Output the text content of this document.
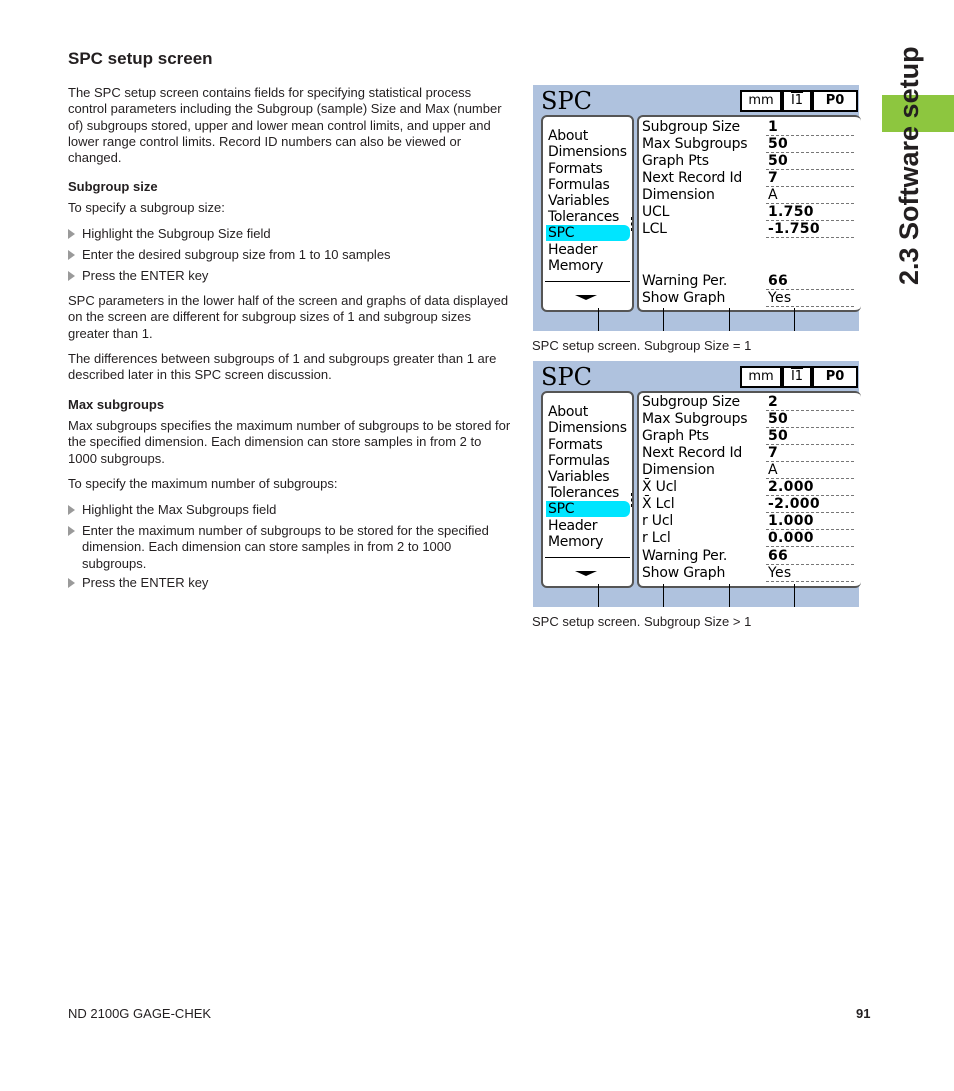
SPC setup screen

The SPC setup screen contains fields for specifying statistical process control parameters including the Subgroup (sample) Size and Max (number of) subgroups stored, upper and lower mean control limits, and upper and lower range control limits. Record ID numbers can also be viewed or changed.

Subgroup size

To specify a subgroup size:

Highlight the Subgroup Size field
Enter the desired subgroup size from 1 to 10 samples
Press the ENTER key

SPC parameters in the lower half of the screen and graphs of data displayed on the screen are different for subgroup sizes of 1 and subgroup sizes greater than 1.

The differences between subgroups of 1 and subgroups greater than 1 are described later in this SPC screen discussion.

Max subgroups

Max subgroups specifies the maximum number of subgroups to be stored for the specified dimension. Each dimension can store samples in from 2 to 1000 subgroups.

To specify the maximum number of subgroups:

Highlight the Max Subgroups field
Enter the maximum number of subgroups to be stored for the specified dimension. Each dimension can store samples in from 2 to 1000 subgroups.
Press the ENTER key
2.3 Software setup
SPC	mm	I1	P0
About
Dimensions
Formats
Formulas
Variables
Tolerances
SPC
Header
Memory
Subgroup Size 1
Max Subgroups 50
Graph Pts	50
Next Record Id 7
Dimension	A
UCL	1.750
LCL	-1.750
Warning Per.	66
Show Graph	Yes
SPC setup screen. Subgroup Size = 1
SPC	mm	I1	P0
About
Dimensions
Formats
Formulas
Variables
Tolerances
SPC
Header
Memory
Subgroup Size 2
Max Subgroups 50
Graph Pts	50
Next Record Id 7
Dimension	A
X̄ Ucl	2.000
X̄ Lcl	-2.000
r Ucl	1.000
r Lcl	0.000
Warning Per.	66
Show Graph	Yes
SPC setup screen. Subgroup Size > 1
ND 2100G GAGE-CHEK	91
